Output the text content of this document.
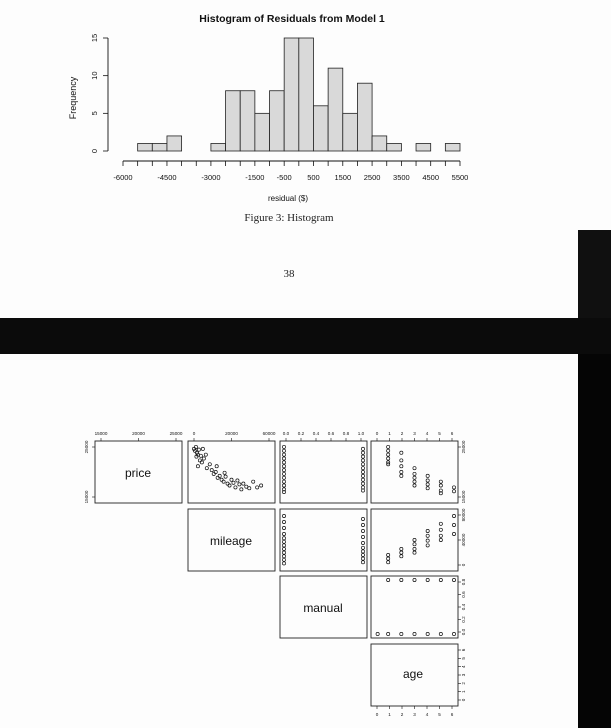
Histogram of Residuals from Model 1
Frequency
residual ($)
-6000	-4500	-3000	-1500 -500 500 1500 2500 3500 4500 5500
0
5
10
15
Figure 3: Histogram
38
15000	20000	25000 0	20000	60000 0.0 0.2 0.4 0.6 0.8 1.0	0 1 2 3 4 5 6
15000
25000
15000
25000
0
40000
80000
0.0
0.2
0.4
0.6
0.8
0
1
2
3
4
5
6
0 1 2 3 4 5 6
price
mileage
manual
age
